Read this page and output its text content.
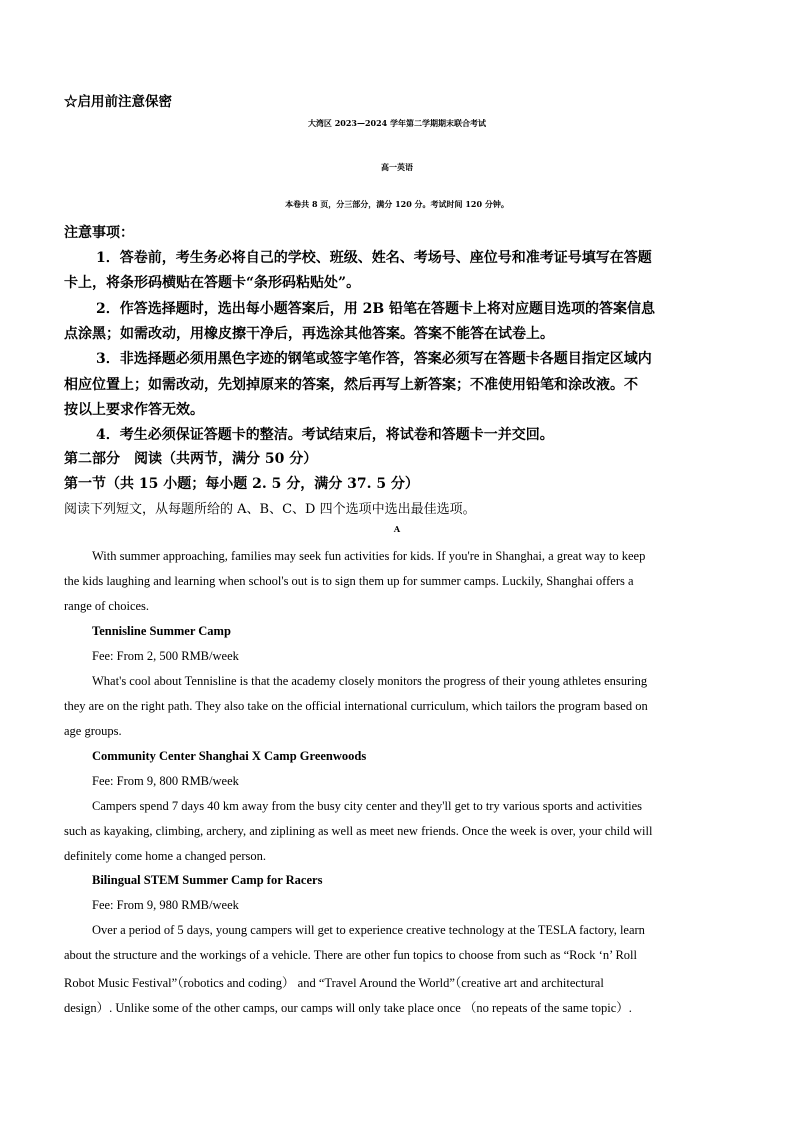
☆启用前注意保密
大湾区 2023—2024 学年第二学期期末联合考试
高一英语
本卷共 8 页，分三部分，满分 120 分。考试时间 120 分钟。
注意事项：
1．答卷前，考生务必将自己的学校、班级、姓名、考场号、座位号和准考证号填写在答题
卡上，将条形码横贴在答题卡“条形码粘贴处”。
2．作答选择题时，选出每小题答案后，用 2B 铅笔在答题卡上将对应题目选项的答案信息
点涂黑；如需改动，用橡皮擦干净后，再选涂其他答案。答案不能答在试卷上。
3．非选择题必须用黑色字迹的钢笔或签字笔作答，答案必须写在答题卡各题目指定区域内
相应位置上；如需改动，先划掉原来的答案，然后再写上新答案；不准使用铅笔和涂改液。不
按以上要求作答无效。
4．考生必须保证答题卡的整洁。考试结束后，将试卷和答题卡一并交回。
第二部分　阅读（共两节，满分 50 分）
第一节（共 15 小题；每小题 2. 5 分，满分 37. 5 分）
阅读下列短文，从每题所给的 A、B、C、D 四个选项中选出最佳选项。
A
With summer approaching, families may seek fun activities for kids. If you're in Shanghai, a great way to keep
the kids laughing and learning when school's out is to sign them up for summer camps. Luckily, Shanghai offers a
range of choices.
Tennisline Summer Camp
Fee: From 2, 500 RMB/week
What's cool about Tennisline is that the academy closely monitors the progress of their young athletes ensuring
they are on the right path. They also take on the official international curriculum, which tailors the program based on
age groups.
Community Center Shanghai X Camp Greenwoods
Fee: From 9, 800 RMB/week
Campers spend 7 days 40 km away from the busy city center and they'll get to try various sports and activities
such as kayaking, climbing, archery, and ziplining as well as meet new friends. Once the week is over, your child will
definitely come home a changed person.
Bilingual STEM Summer Camp for Racers
Fee: From 9, 980 RMB/week
Over a period of 5 days, young campers will get to experience creative technology at the TESLA factory, learn
about the structure and the workings of a vehicle. There are other fun topics to choose from such as “Rock ‘n’ Roll
Robot Music Festival”（robotics and coding） and “Travel Around the World”（creative art and architectural
design）. Unlike some of the other camps, our camps will only take place once （no repeats of the same topic）.
